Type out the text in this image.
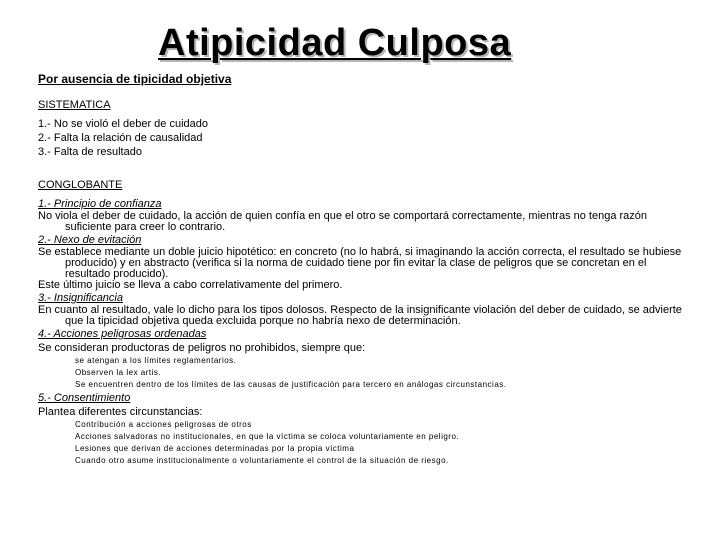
Atipicidad Culposa
Por ausencia de tipicidad objetiva

SISTEMATICA

1.- No se violó el deber de cuidado

2.- Falta la relación de causalidad

3.- Falta de resultado

CONGLOBANTE

1.- Principio de confianza

No viola el deber de cuidado, la acción de quien confía en que el otro se comportará correctamente, mientras no tenga razón suficiente para creer lo contrario.

2.- Nexo de evitación

Se establece mediante un doble juicio hipotético: en concreto (no lo habrá, si imaginando la acción correcta, el resultado se hubiese producido) y en abstracto (verifica si la norma de cuidado tiene por fin evitar la clase de peligros que se concretan en el resultado producido).

Este último juicio se lleva a cabo correlativamente del primero.

3.- Insignificancia

En cuanto al resultado, vale lo dicho para los tipos dolosos. Respecto de la insignificante violación del deber de cuidado, se advierte que la tipicidad objetiva queda excluida porque no habría nexo de determinación.

4.- Acciones peligrosas ordenadas

Se consideran productoras de peligros no prohibidos, siempre que:

se atengan a los límites reglamentarios.

Observen la lex artis.

Se encuentren dentro de los límites de las causas de justificación para tercero en análogas circunstancias.

5.- Consentimiento

Plantea diferentes circunstancias:

Contribución a acciones peligrosas de otros

Acciones salvadoras no institucionales, en que la víctima se coloca voluntariamente en peligro.

Lesiones que derivan de acciones determinadas por la propia víctima

Cuando otro asume institucionalmente o voluntariamente el control de la situación de riesgo.
